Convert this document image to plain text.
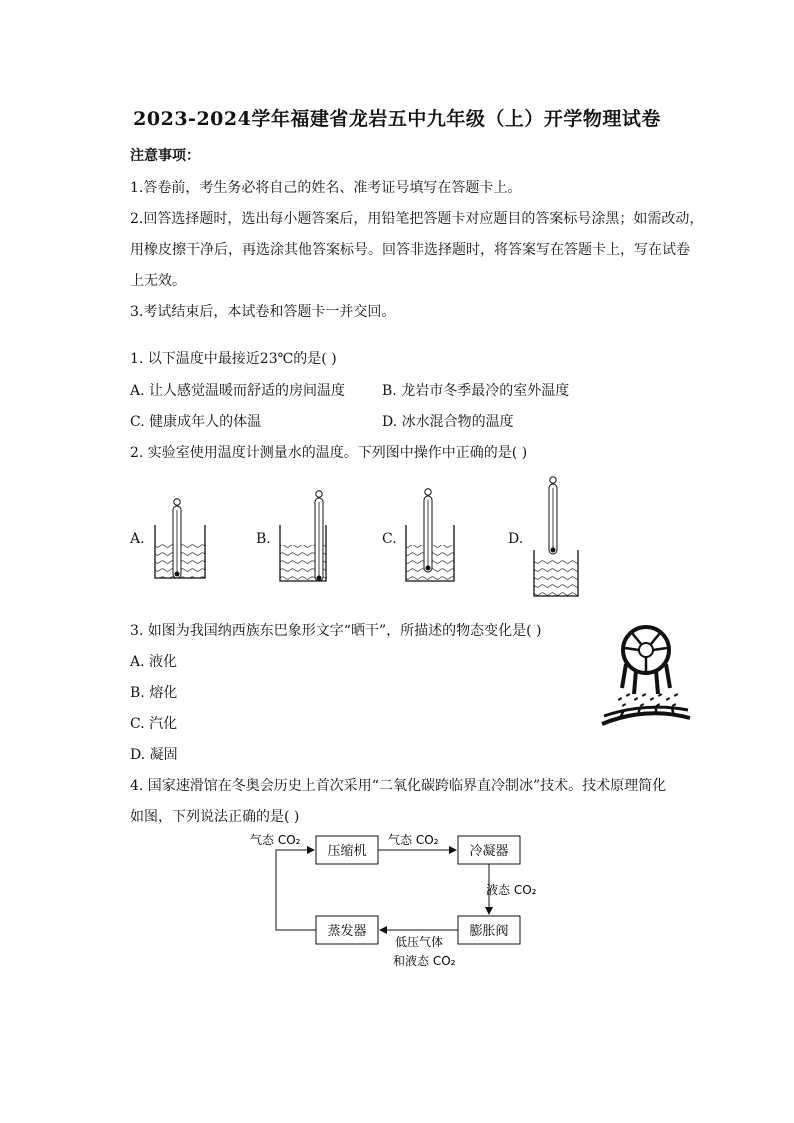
2023-2024学年福建省龙岩五中九年级（上）开学物理试卷
注意事项：
1.答卷前，考生务必将自己的姓名、准考证号填写在答题卡上。
2.回答选择题时，选出每小题答案后，用铅笔把答题卡对应题目的答案标号涂黑；如需改动，
用橡皮擦干净后，再选涂其他答案标号。回答非选择题时，将答案写在答题卡上，写在试卷
上无效。
3.考试结束后，本试卷和答题卡一并交回。
1. 以下温度中最接近23℃的是( )
A. 让人感觉温暖而舒适的房间温度	B. 龙岩市冬季最冷的室外温度
C. 健康成年人的体温	D. 冰水混合物的温度
2. 实验室使用温度计测量水的温度。下列图中操作中正确的是( )
A.	B.	C.	D.
3. 如图为我国纳西族东巴象形文字“晒干”，所描述的物态变化是( )
A. 液化
B. 熔化
C. 汽化
D. 凝固
4. 国家速滑馆在冬奥会历史上首次采用“二氧化碳跨临界直冷制冰”技术。技术原理简化
如图，下列说法正确的是( )
压缩机	冷凝器
膨胀阀
蒸发器
气态 CO₂	气态 CO₂
液态 CO₂
低压气体
和液态 CO₂
